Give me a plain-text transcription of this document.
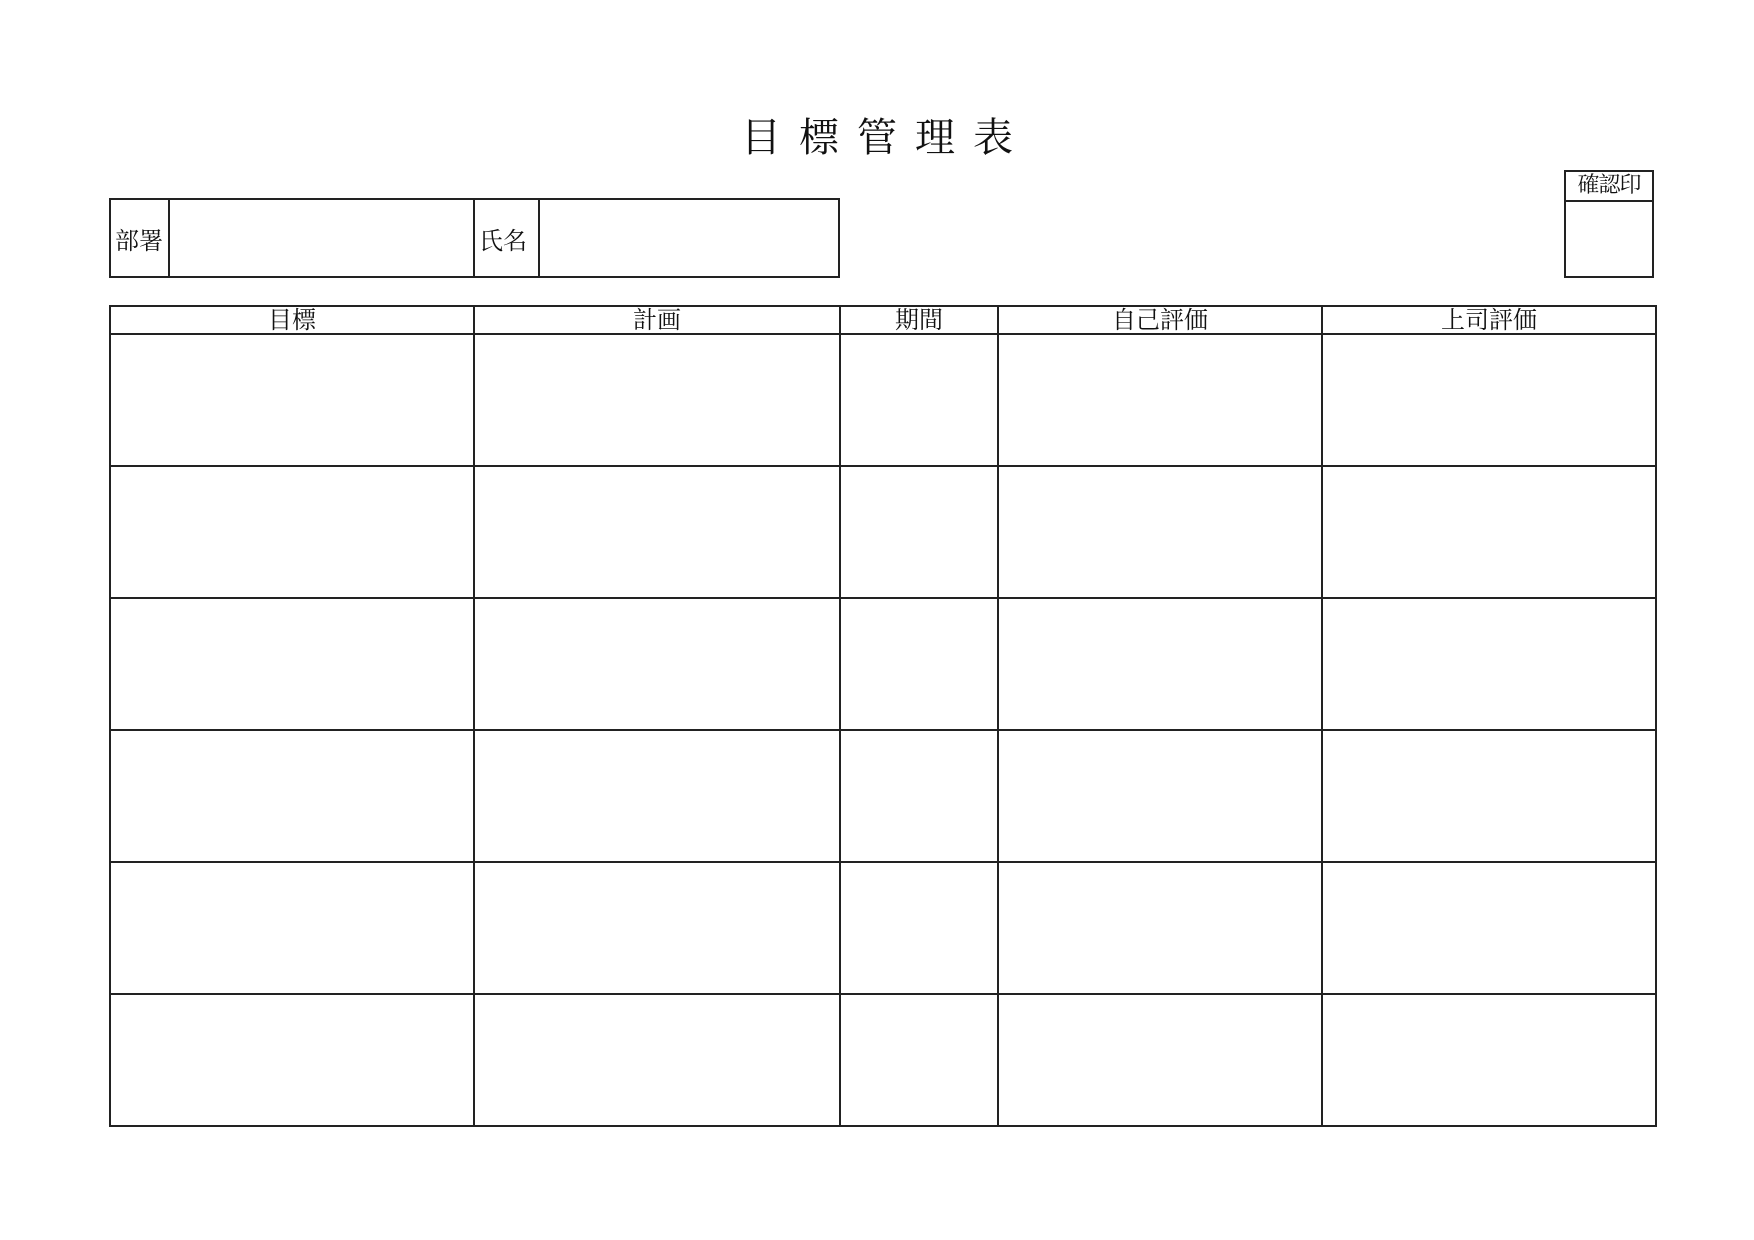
目標管理表
部署		氏名	
確認印
目標	計画	期間	自己評価	上司評価
